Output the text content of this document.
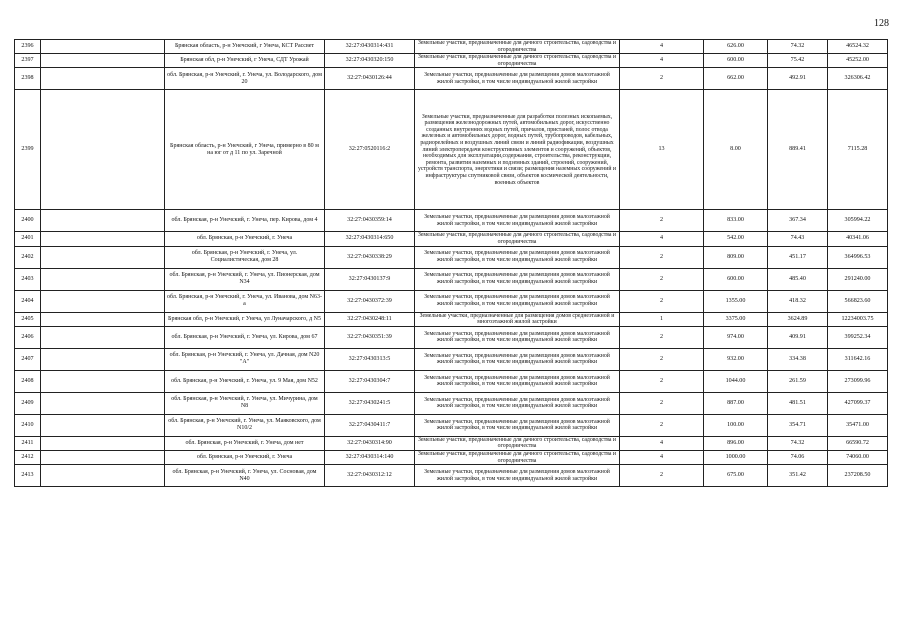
128
2396		Брянская область, р-н Унечский, г Унеча, КСТ Рассвет	32:27:0430314:431	Земельные участки, предназначенные для дачного строительства, садоводства и огородничества	4	626.00	74.32	46524.32
2397		Брянская обл, р-н Унечский, г Унеча, СДТ Урожай	32:27:0430320:150	Земельные участки, предназначенные для дачного строительства, садоводства и огородничества	4	600.00	75.42	45252.00
2398		обл. Брянская, р-н Унечский, г. Унеча, ул. Володарского, дом 20	32:27:0430126:44	Земельные участки, предназначенные для размещения домов малоэтажной жилой застройки, в том числе индивидуальной жилой застройки	2	662.00	492.91	326306.42
2399		Брянская область, р-н Унечский, г Унеча, примерно в 80 м на юг от д 11 по ул. Заречной	32:27:0520116:2	Земельные участки, предназначенные для разработки полезных ископаемых, размещения железнодорожных путей, автомобильных дорог, искусственно созданных внутренних водных путей, причалов, пристаней, полос отвода железных и автомобильных дорог, водных путей, трубопроводов, кабельных, радиорелейных и воздушных линий связи и линий радиофикации, воздушных линий электропередачи конструктивных элементов и сооружений, объектов, необходимых для эксплуатации,содержания, строительства, реконструкции, ремонта, развития наземных и подземных зданий, строений, сооружений, устройств транспорта, энергетики и связи; размещения наземных сооружений и инфраструктуры спутниковой связи, объектов космической деятельности, военных объектов	13	8.00	889.41	7115.28
2400		обл. Брянская, р-н Унечский, г. Унеча, пер. Кирова, дом 4	32:27:0430359:14	Земельные участки, предназначенные для размещения домов малоэтажной жилой застройки, в том числе индивидуальной жилой застройки	2	833.00	367.34	305994.22
2401		обл. Брянская, р-н Унечский, г. Унеча	32:27:0430314:650	Земельные участки, предназначенные для дачного строительства, садоводства и огородничества	4	542.00	74.43	40341.06
2402		обл. Брянская, р-н Унечский, г. Унеча, ул. Социалистическая, дом 28	32:27:0430338:29	Земельные участки, предназначенные для размещения домов малоэтажной жилой застройки, в том числе индивидуальной жилой застройки	2	809.00	451.17	364996.53
2403		обл. Брянская, р-н Унечский, г. Унеча, ул. Пионерская, дом N34	32:27:0430137:9	Земельные участки, предназначенные для размещения домов малоэтажной жилой застройки, в том числе индивидуальной жилой застройки	2	600.00	485.40	291240.00
2404		обл. Брянская, р-н Унечский, г. Унеча, ул. Иванова, дом N63-а	32:27:0430372:39	Земельные участки, предназначенные для размещения домов малоэтажной жилой застройки, в том числе индивидуальной жилой застройки	2	1355.00	418.32	566823.60
2405		Брянская обл, р-н Унечский, г Унеча, ул Луначарского, д N5	32:27:0430248:11	Земельные участки, предназначенные для размещения домов среднеэтажной и многоэтажной жилой застройки	1	3375.00	3624.89	12234003.75
2406		обл. Брянская, р-н Унечский, г. Унеча, ул. Кирова, дом 67	32:27:0430351:39	Земельные участки, предназначенные для размещения домов малоэтажной жилой застройки, в том числе индивидуальной жилой застройки	2	974.00	409.91	399252.34
2407		обл. Брянская, р-н Унечский, г. Унеча, ул. Дачная, дом N20 "А"	32:27:0430313:5	Земельные участки, предназначенные для размещения домов малоэтажной жилой застройки, в том числе индивидуальной жилой застройки	2	932.00	334.38	311642.16
2408		обл. Брянская, р-н Унечский, г. Унеча, ул. 9 Мая, дом N52	32:27:0430304:7	Земельные участки, предназначенные для размещения домов малоэтажной жилой застройки, в том числе индивидуальной жилой застройки	2	1044.00	261.59	273099.96
2409		обл. Брянская, р-н Унечский, г. Унеча, ул. Мичурина, дом N8	32:27:0430241:5	Земельные участки, предназначенные для размещения домов малоэтажной жилой застройки, в том числе индивидуальной жилой застройки	2	887.00	481.51	427099.37
2410		обл. Брянская, р-н Унечский, г. Унеча, ул. Маяковского, дом N10/2	32:27:0430411:7	Земельные участки, предназначенные для размещения домов малоэтажной жилой застройки, в том числе индивидуальной жилой застройки	2	100.00	354.71	35471.00
2411		обл. Брянская, р-н Унечский, г. Унеча, дом нет	32:27:0430314:90	Земельные участки, предназначенные для дачного строительства, садоводства и огородничества	4	896.00	74.32	66590.72
2412		обл. Брянская, р-н Унечский, г. Унеча	32:27:0430314:140	Земельные участки, предназначенные для дачного строительства, садоводства и огородничества	4	1000.00	74.06	74060.00
2413		обл. Брянская, р-н Унечский, г. Унеча, ул. Сосновая, дом N40	32:27:0430312:12	Земельные участки, предназначенные для размещения домов малоэтажной жилой застройки, в том числе индивидуальной жилой застройки	2	675.00	351.42	237208.50
